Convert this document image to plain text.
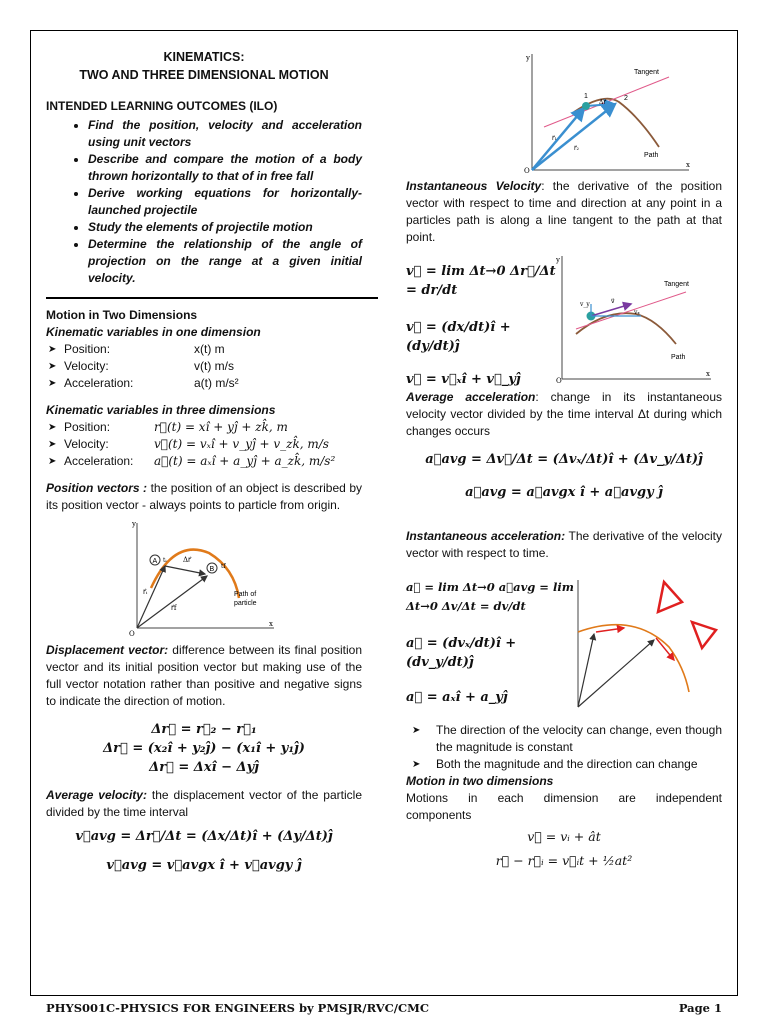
KINEMATICS:
TWO AND THREE DIMENSIONAL MOTION
INTENDED LEARNING OUTCOMES (ILO)
• Find the position, velocity and acceleration using unit vectors
• Describe and compare the motion of a body thrown horizontally to that of in free fall
• Derive working equations for horizontally-launched projectile
• Study the elements of projectile motion
• Determine the relationship of the angle of projection on the range at a given initial velocity.
Motion in Two Dimensions
Kinematic variables in one dimension
➤ Position:	x(t) m
➤ Velocity:	v(t) m/s
➤ Acceleration:	a(t) m/s²
Kinematic variables in three dimensions
➤ Position:	r⃗(t) = xî + yĵ + zk̂, m
➤ Velocity:	v⃗(t) = vₓî + v_yĵ + v_zk̂, m/s
➤ Acceleration:	a⃗(t) = aₓî + a_yĵ + a_zk̂, m/s²
Position vectors : the position of an object is described by its position vector - always points to particle from origin.
A
B
Δr⃗
r⃗ᵢ
r⃗f
tᵢ
tf
Path of
particle
O
x
y
Displacement vector: difference between its final position vector and its initial position vector but making use of the full vector notation rather than positive and negative signs to indicate the direction of motion.
Δr⃗ = r⃗₂ − r⃗₁
Δr⃗ = (x₂î + y₂ĵ) − (x₁î + y₁ĵ)
Δr⃗ = Δxî − Δyĵ
Average velocity: the displacement vector of the particle divided by the time interval
v⃗avg = Δr⃗/Δt = (Δx/Δt)î + (Δy/Δt)ĵ
v⃗avg = v⃗avgx î + v⃗avgy ĵ
1	2
Δr⃗
r⃗₁
r⃗₂
Tangent
Path
O
x
y
Instantaneous Velocity: the derivative of the position vector with respect to time and direction at any point in a particles path is along a line tangent to the path at that point.
v⃗ = lim Δt→0 Δr⃗/Δt = dr/dt
v⃗ = (dx/dt)î + (dy/dt)ĵ
v⃗ = v⃗ₓî + v⃗_yĵ
v_y	v⃗
vₓ
Tangent
Path
O
x
y
Average acceleration: change in its instantaneous velocity vector divided by the time interval Δt during which changes occurs
a⃗avg = Δv⃗/Δt = (Δvₓ/Δt)î + (Δv_y/Δt)ĵ
a⃗avg = a⃗avgx î + a⃗avgy ĵ
Instantaneous acceleration: The derivative of the velocity vector with respect to time.
a⃗ = lim Δt→0 a⃗avg = lim Δt→0 Δv/Δt = dv/dt
a⃗ = (dvₓ/dt)î + (dv_y/dt)ĵ
a⃗ = aₓî + a_yĵ
➤ The direction of the velocity can change, even though the magnitude is constant
➤ Both the magnitude and the direction can change
Motion in two dimensions
Motions in each dimension are independent components
v⃗ = vᵢ + ât
r⃗ − r⃗ᵢ = v⃗ᵢt + ½at²
PHYS001C-PHYSICS FOR ENGINEERS by PMSJR/RVC/CMC	Page 1
